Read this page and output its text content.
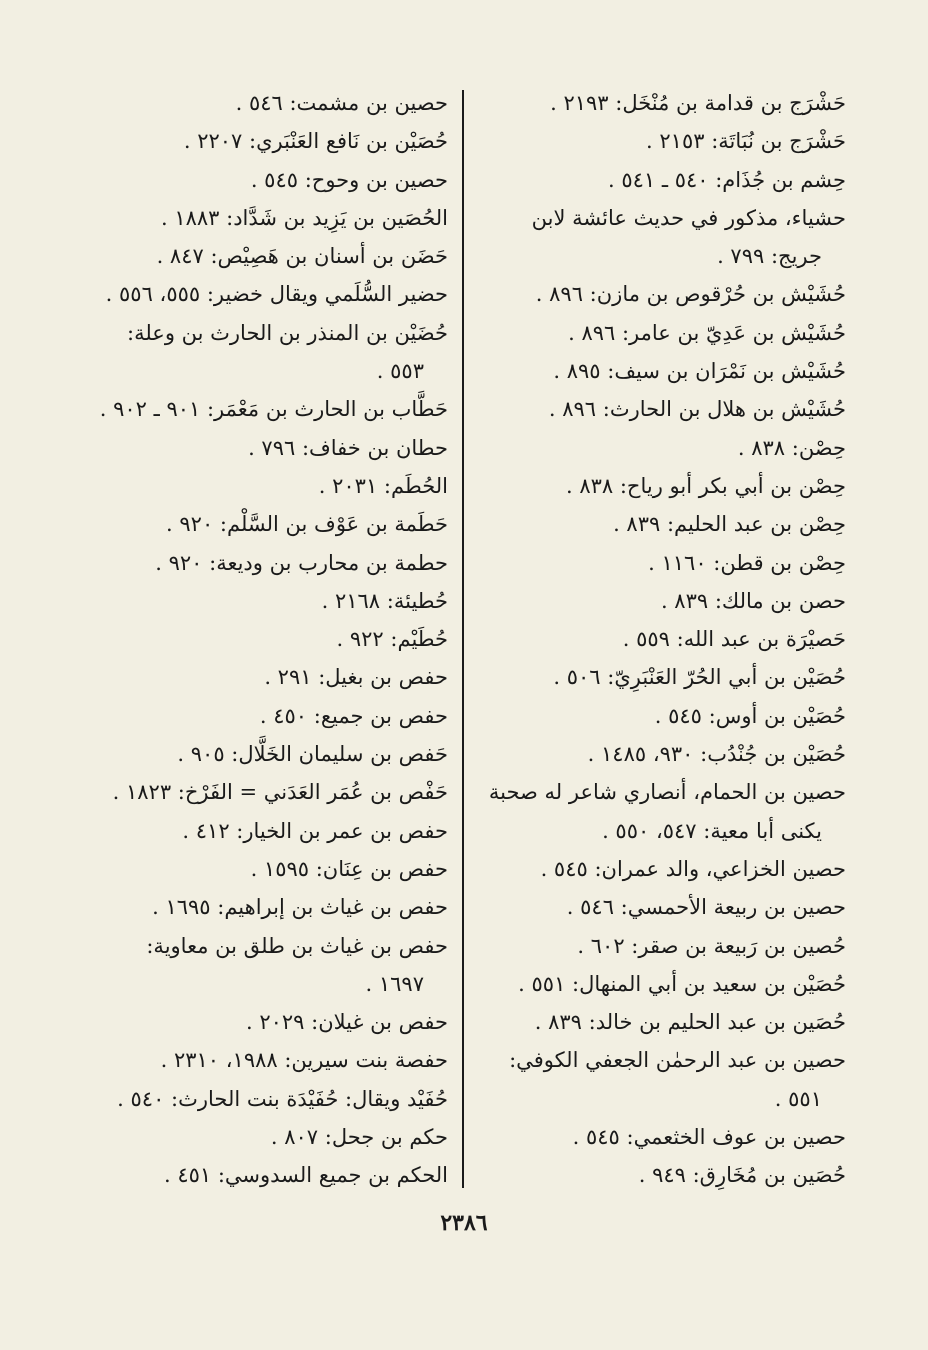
حَشْرَج بن قدامة بن مُنْخَل: ٢١٩٣ .

حَشْرَج بن نُبَاتَة: ٢١٥٣ .

حِشم بن جُذَام: ٥٤٠ ـ ٥٤١ .

حشياء، مذكور في حديث عائشة لابن
جريج: ٧٩٩ .

حُشَيْش بن حُرْقوص بن مازن: ٨٩٦ .

حُشَيْش بن عَدِيّ بن عامر: ٨٩٦ .

حُشَيْش بن نَمْرَان بن سيف: ٨٩٥ .

حُشَيْش بن هلال بن الحارث: ٨٩٦ .

حِصْن: ٨٣٨ .

حِصْن بن أبي بكر أبو رياح: ٨٣٨ .

حِصْن بن عبد الحليم: ٨٣٩ .

حِصْن بن قطن: ١١٦٠ .

حصن بن مالك: ٨٣٩ .

حَصيْرَة بن عبد الله: ٥٥٩ .

حُصَيْن بن أبي الحُرّ العَنْبَرِيّ: ٥٠٦ .

حُصَيْن بن أوس: ٥٤٥ .

حُصَيْن بن جُنْدُب: ٩٣٠، ١٤٨٥ .

حصين بن الحمام، أنصاري شاعر له صحبة
يكنى أبا معية: ٥٤٧، ٥٥٠ .

حصين الخزاعي، والد عمران: ٥٤٥ .

حصين بن ربيعة الأحمسي: ٥٤٦ .

حُصين بن رَبيعة بن صقر: ٦٠٢ .

حُصَيْن بن سعيد بن أبي المنهال: ٥٥١ .

حُصَين بن عبد الحليم بن خالد: ٨٣٩ .

حصين بن عبد الرحمٰن الجعفي الكوفي:
٥٥١ .

حصين بن عوف الخثعمي: ٥٤٥ .

حُصَين بن مُخَارِق: ٩٤٩ .

حصين بن مشمت: ٥٤٦ .

حُصَيْن بن نَافع العَنْبَري: ٢٢٠٧ .

حصين بن وحوح: ٥٤٥ .

الحُصَين بن يَزِيد بن شَدَّاد: ١٨٨٣ .

حَضَن بن أسنان بن هَصِيْص: ٨٤٧ .

حضير السُّلَمي ويقال خضير: ٥٥٥، ٥٥٦ .

حُضَيْن بن المنذر بن الحارث بن وعلة:
٥٥٣ .

حَطَّاب بن الحارث بن مَعْمَر: ٩٠١ ـ ٩٠٢ .

حطان بن خفاف: ٧٩٦ .

الحُطَم: ٢٠٣١ .

حَطَمة بن عَوْف بن السَّلْم: ٩٢٠ .

حطمة بن محارب بن وديعة: ٩٢٠ .

حُطيئة: ٢١٦٨ .

حُطَيْم: ٩٢٢ .

حفص بن بغيل: ٢٩١ .

حفص بن جميع: ٤٥٠ .

حَفص بن سليمان الخَلَّال: ٩٠٥ .

حَفْص بن عُمَر العَدَني = الفَرْخ: ١٨٢٣ .

حفص بن عمر بن الخيار: ٤١٢ .

حفص بن عِنَان: ١٥٩٥ .

حفص بن غياث بن إبراهيم: ١٦٩٥ .

حفص بن غياث بن طلق بن معاوية:
١٦٩٧ .

حفص بن غيلان: ٢٠٢٩ .

حفصة بنت سيرين: ١٩٨٨، ٢٣١٠ .

حُفَيْد ويقال: حُفَيْدَة بنت الحارث: ٥٤٠ .

حكم بن جحل: ٨٠٧ .

الحكم بن جميع السدوسي: ٤٥١ .

٢٣٨٦
